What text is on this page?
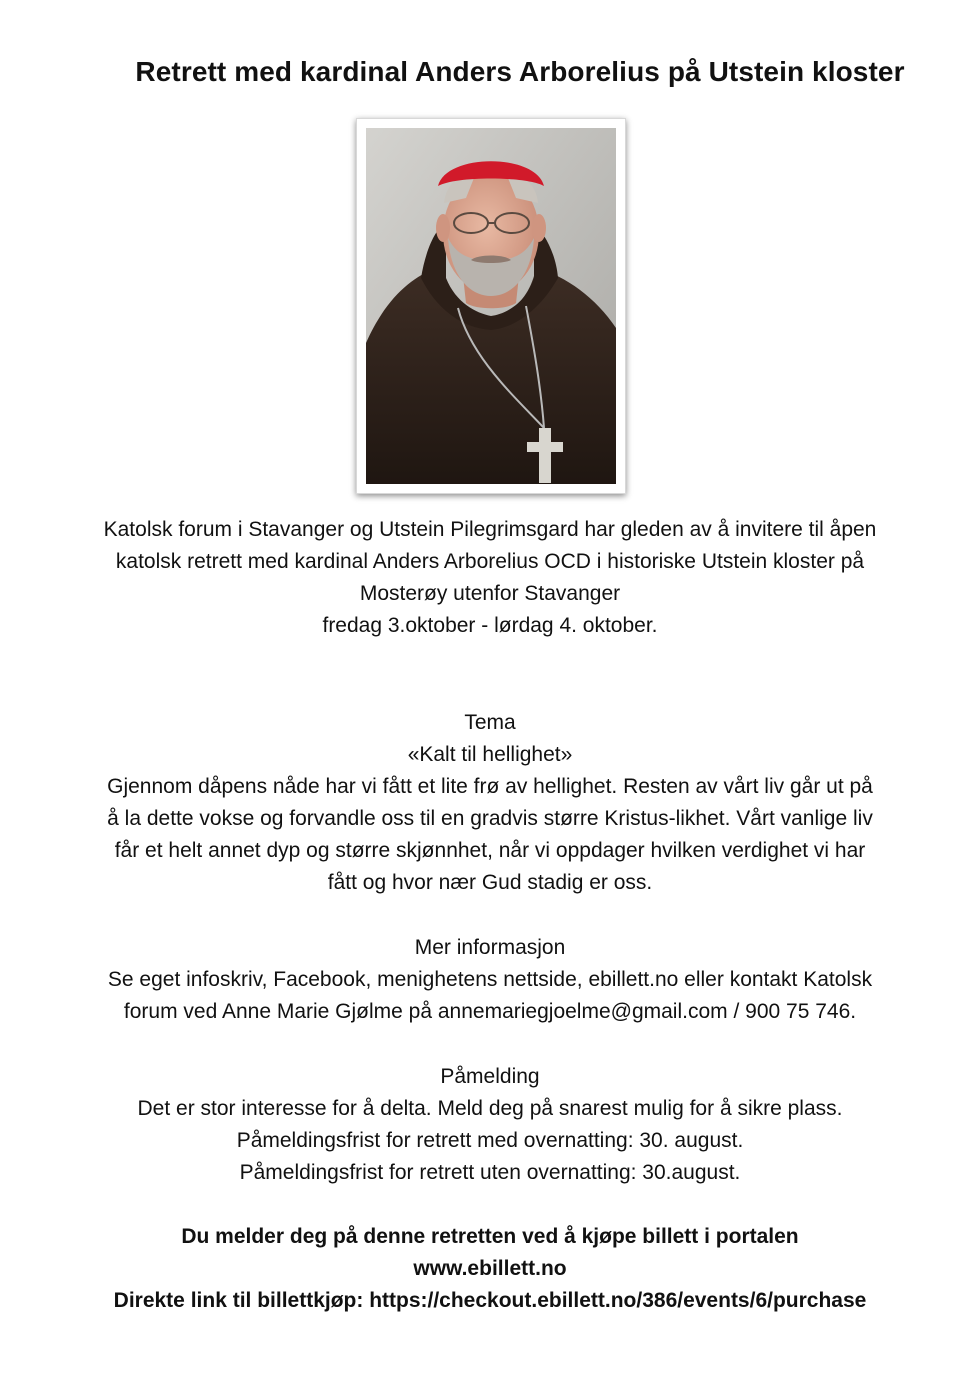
Retrett med kardinal Anders Arborelius på Utstein kloster
Katolsk forum i Stavanger og Utstein Pilegrimsgard har gleden av å invitere til åpen
katolsk retrett med kardinal Anders Arborelius OCD i historiske Utstein kloster på
Mosterøy utenfor Stavanger
fredag 3.oktober - lørdag 4. oktober.
Tema
«Kalt til hellighet»
Gjennom dåpens nåde har vi fått et lite frø av hellighet. Resten av vårt liv går ut på
å la dette vokse og forvandle oss til en gradvis større Kristus-likhet. Vårt vanlige liv
får et helt annet dyp og større skjønnhet, når vi oppdager hvilken verdighet vi har
fått og hvor nær Gud stadig er oss.
Mer informasjon
Se eget infoskriv, Facebook, menighetens nettside, ebillett.no eller kontakt Katolsk
forum ved Anne Marie Gjølme på annemariegjoelme@gmail.com / 900 75 746.
Påmelding
Det er stor interesse for å delta. Meld deg på snarest mulig for å sikre plass.
Påmeldingsfrist for retrett med overnatting: 30. august.
Påmeldingsfrist for retrett uten overnatting: 30.august.
Du melder deg på denne retretten ved å kjøpe billett i portalen
www.ebillett.no
Direkte link til billettkjøp: https://checkout.ebillett.no/386/events/6/purchase
